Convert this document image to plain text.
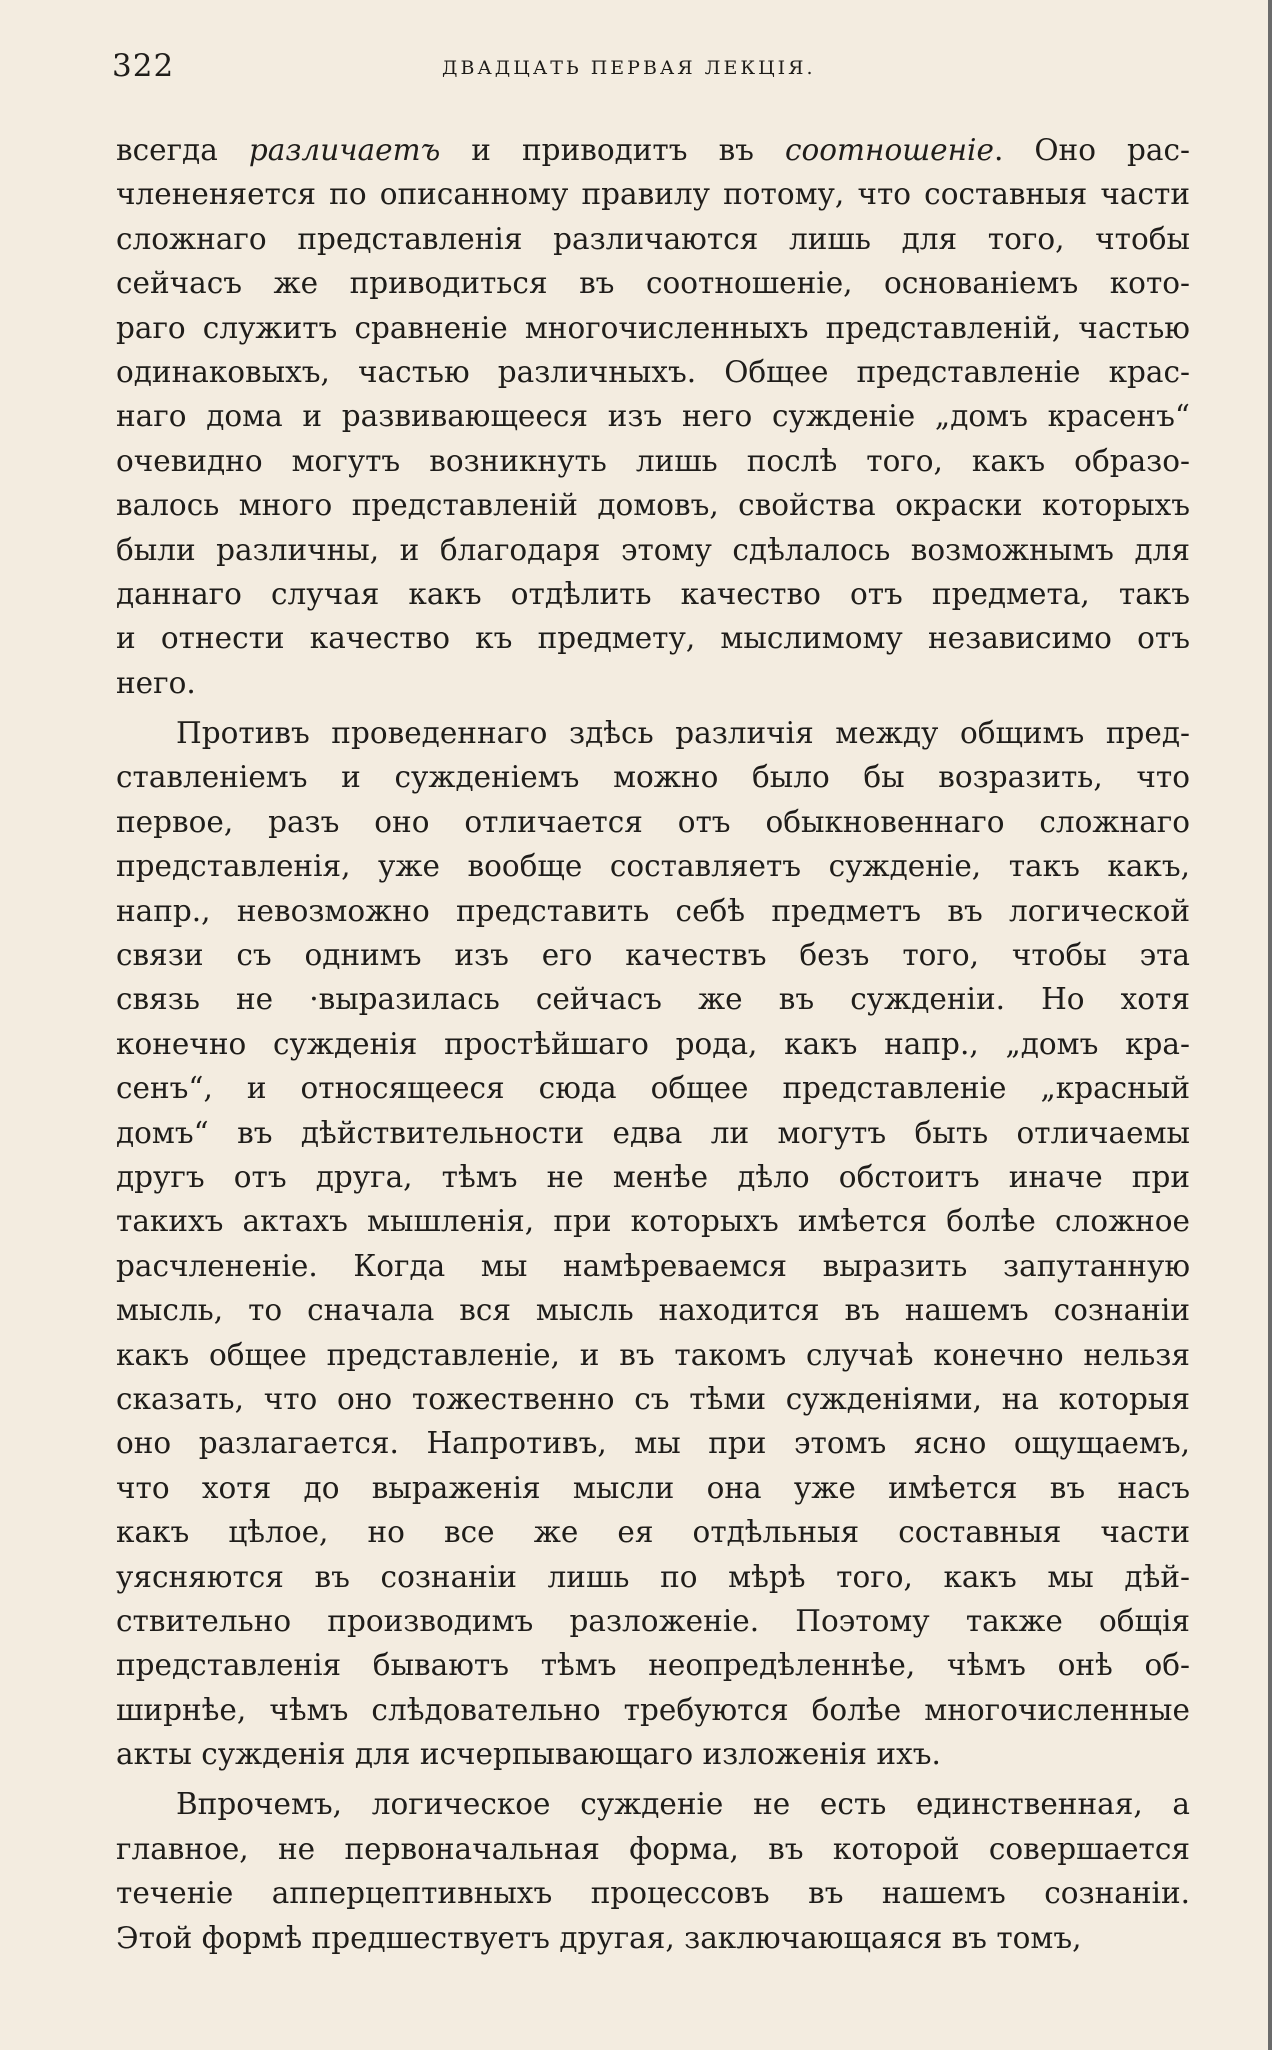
322	ДВАДЦАТЬ ПЕРВАЯ ЛЕКЦІЯ.
всегда различаетъ и приводитъ въ соотношеніе. Оно рас-
члененяется по описанному правилу потому, что составныя части
сложнаго представленія различаются лишь для того, чтобы
сейчасъ же приводиться въ соотношеніе, основаніемъ кото-
раго служитъ сравненіе многочисленныхъ представленій, частью
одинаковыхъ, частью различныхъ. Общее представленіе крас-
наго дома и развивающееся изъ него сужденіе „домъ красенъ“
очевидно могутъ возникнуть лишь послѣ того, какъ образо-
валось много представленій домовъ, свойства окраски которыхъ
были различны, и благодаря этому сдѣлалось возможнымъ для
даннаго случая какъ отдѣлить качество отъ предмета, такъ
и отнести качество къ предмету, мыслимому независимо отъ
него.
Противъ проведеннаго здѣсь различія между общимъ пред-
ставленіемъ и сужденіемъ можно было бы возразить, что
первое, разъ оно отличается отъ обыкновеннаго сложнаго
представленія, уже вообще составляетъ сужденіе, такъ какъ,
напр., невозможно представить себѣ предметъ въ логической
связи съ однимъ изъ его качествъ безъ того, чтобы эта
связь не ·выразилась сейчасъ же въ сужденіи. Но хотя
конечно сужденія простѣйшаго рода, какъ напр., „домъ кра-
сенъ“, и относящееся сюда общее представленіе „красный
домъ“ въ дѣйствительности едва ли могутъ быть отличаемы
другъ отъ друга, тѣмъ не менѣе дѣло обстоитъ иначе при
такихъ актахъ мышленія, при которыхъ имѣется болѣе сложное
расчлененіе. Когда мы намѣреваемся выразить запутанную
мысль, то сначала вся мысль находится въ нашемъ сознаніи
какъ общее представленіе, и въ такомъ случаѣ конечно нельзя
сказать, что оно тожественно съ тѣми сужденіями, на которыя
оно разлагается. Напротивъ, мы при этомъ ясно ощущаемъ,
что хотя до выраженія мысли она уже имѣется въ насъ
какъ цѣлое, но все же ея отдѣльныя составныя части
уясняются въ сознаніи лишь по мѣрѣ того, какъ мы дѣй-
ствительно производимъ разложеніе. Поэтому также общія
представленія бываютъ тѣмъ неопредѣленнѣе, чѣмъ онѣ об-
ширнѣе, чѣмъ слѣдовательно требуются болѣе многочисленные
акты сужденія для исчерпывающаго изложенія ихъ.
Впрочемъ, логическое сужденіе не есть единственная, а
главное, не первоначальная форма, въ которой совершается
теченіе апперцептивныхъ процессовъ въ нашемъ сознаніи.
Этой формѣ предшествуетъ другая, заключающаяся въ томъ,
